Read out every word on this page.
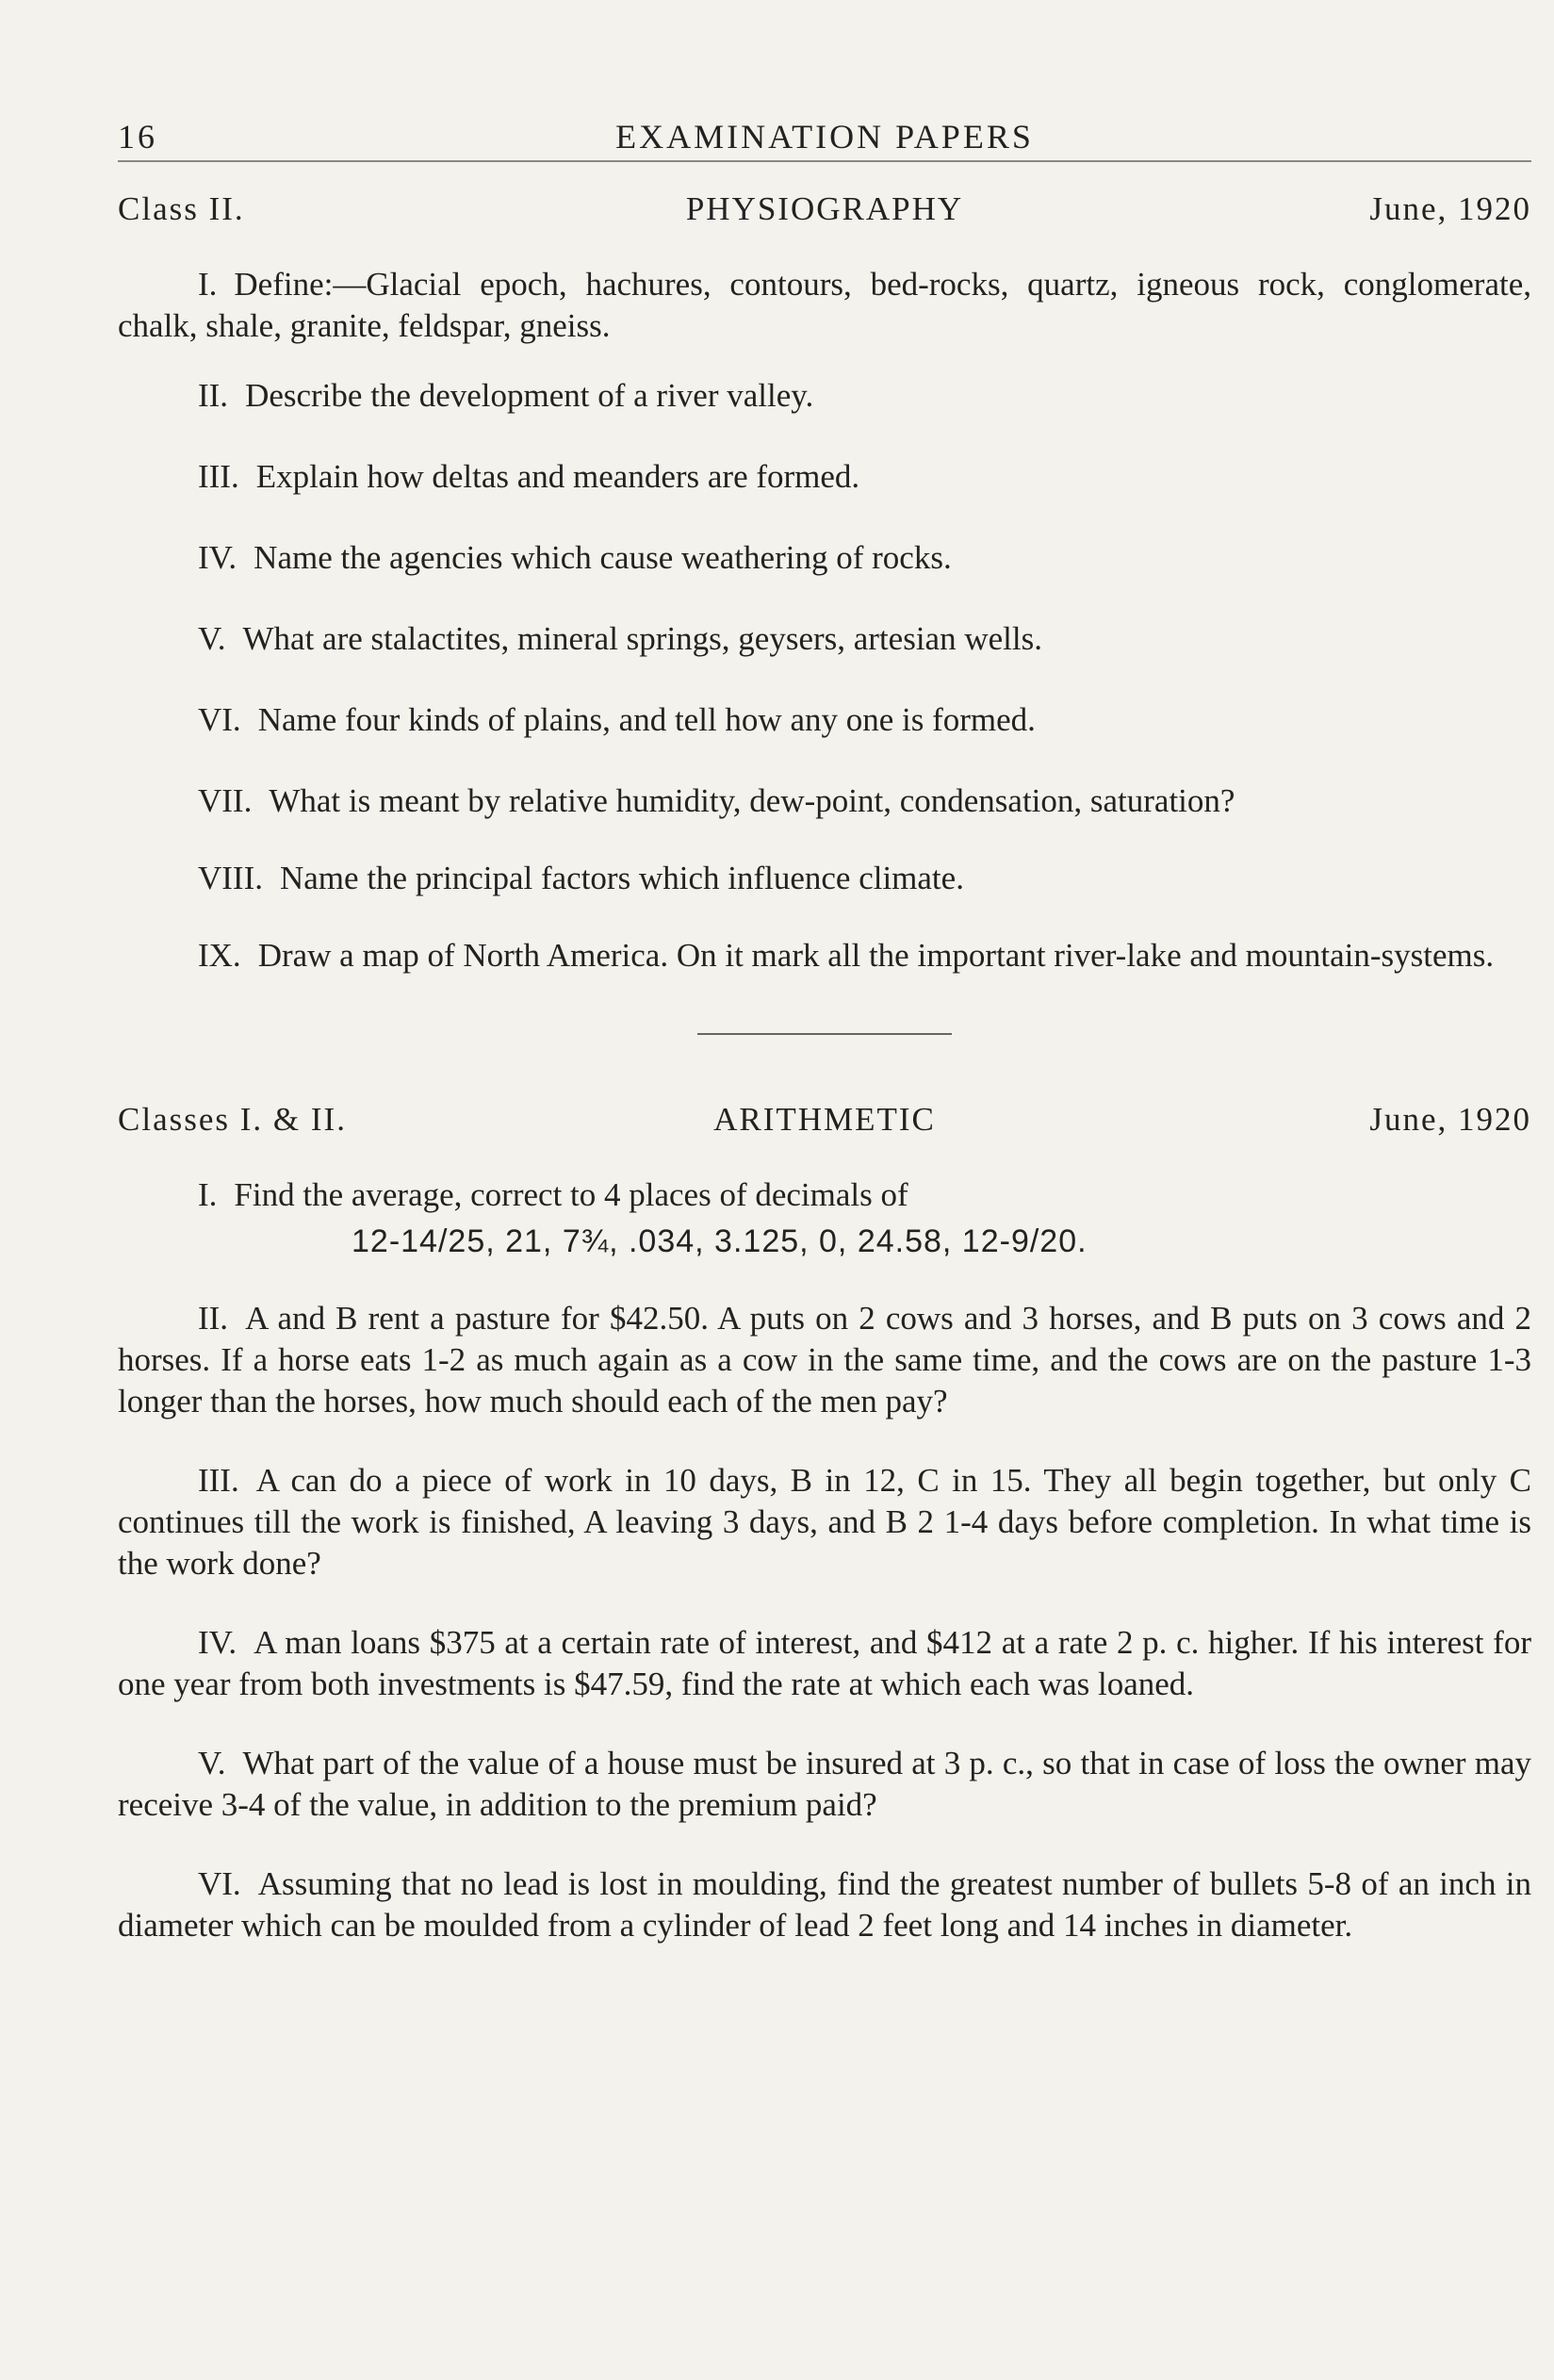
16	EXAMINATION PAPERS
Class II.	PHYSIOGRAPHY	June, 1920

I. Define:—Glacial epoch, hachures, contours, bed-rocks, quartz, igneous rock, conglomerate, chalk, shale, granite, feldspar, gneiss.

II. Describe the development of a river valley.

III. Explain how deltas and meanders are formed.

IV. Name the agencies which cause weathering of rocks.

V. What are stalactites, mineral springs, geysers, artesian wells.

VI. Name four kinds of plains, and tell how any one is formed.

VII. What is meant by relative humidity, dew-point, condensation, saturation?

VIII. Name the principal factors which influence climate.

IX. Draw a map of North America. On it mark all the important river-lake and mountain-systems.

Classes I. & II.	ARITHMETIC	June, 1920

I. Find the average, correct to 4 places of decimals of

12-14/25, 21, 7¾, .034, 3.125, 0, 24.58, 12-9/20.

II. A and B rent a pasture for $42.50. A puts on 2 cows and 3 horses, and B puts on 3 cows and 2 horses. If a horse eats 1-2 as much again as a cow in the same time, and the cows are on the pasture 1-3 longer than the horses, how much should each of the men pay?

III. A can do a piece of work in 10 days, B in 12, C in 15. They all begin together, but only C continues till the work is finished, A leaving 3 days, and B 2 1-4 days before completion. In what time is the work done?

IV. A man loans $375 at a certain rate of interest, and $412 at a rate 2 p. c. higher. If his interest for one year from both investments is $47.59, find the rate at which each was loaned.

V. What part of the value of a house must be insured at 3 p. c., so that in case of loss the owner may receive 3-4 of the value, in addition to the premium paid?

VI. Assuming that no lead is lost in moulding, find the greatest number of bullets 5-8 of an inch in diameter which can be moulded from a cylinder of lead 2 feet long and 14 inches in diameter.
